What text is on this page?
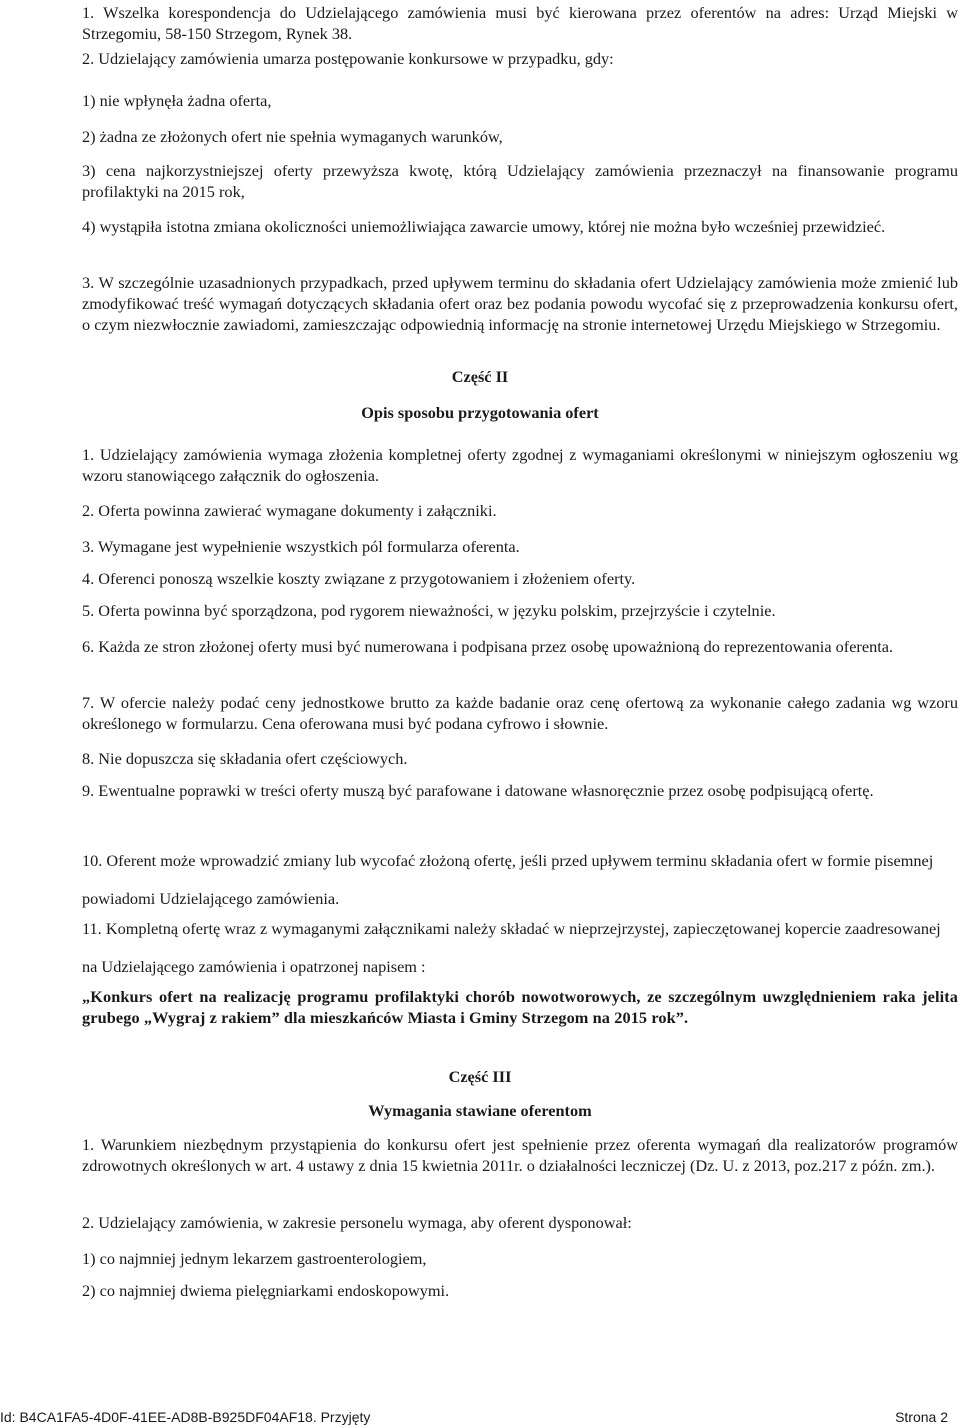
1. Wszelka korespondencja do Udzielającego zamówienia musi być kierowana przez oferentów na adres: Urząd Miejski w Strzegomiu, 58-150 Strzegom, Rynek 38.

2. Udzielający zamówienia umarza postępowanie konkursowe w przypadku, gdy:

1) nie wpłynęła żadna oferta,

2) żadna ze złożonych ofert nie spełnia wymaganych warunków,

3) cena najkorzystniejszej oferty przewyższa kwotę, którą Udzielający zamówienia przeznaczył na finansowanie programu profilaktyki na 2015 rok,

4) wystąpiła istotna zmiana okoliczności uniemożliwiająca zawarcie umowy, której nie można było wcześniej przewidzieć.

3. W szczególnie uzasadnionych przypadkach, przed upływem terminu do składania ofert Udzielający zamówienia może zmienić lub zmodyfikować treść wymagań dotyczących składania ofert oraz bez podania powodu wycofać się z przeprowadzenia konkursu ofert, o czym niezwłocznie zawiadomi, zamieszczając odpowiednią informację na stronie internetowej Urzędu Miejskiego w Strzegomiu.

Część II

Opis sposobu przygotowania ofert

1. Udzielający zamówienia wymaga złożenia kompletnej oferty zgodnej z wymaganiami określonymi w niniejszym ogłoszeniu wg wzoru stanowiącego załącznik do ogłoszenia.

2. Oferta powinna zawierać wymagane dokumenty i załączniki.

3. Wymagane jest wypełnienie wszystkich pól formularza oferenta.

4. Oferenci ponoszą wszelkie koszty związane z przygotowaniem i złożeniem oferty.

5. Oferta powinna być sporządzona, pod rygorem nieważności, w języku polskim, przejrzyście i czytelnie.

6. Każda ze stron złożonej oferty musi być numerowana i podpisana przez osobę upoważnioną do reprezentowania oferenta.

7. W ofercie należy podać ceny jednostkowe brutto za każde badanie oraz cenę ofertową za wykonanie całego zadania wg wzoru określonego w formularzu. Cena oferowana musi być podana cyfrowo i słownie.

8. Nie dopuszcza się składania ofert częściowych.

9. Ewentualne poprawki w treści oferty muszą być parafowane i datowane własnoręcznie przez osobę podpisującą ofertę.

10. Oferent może wprowadzić zmiany lub wycofać złożoną ofertę, jeśli przed upływem terminu składania ofert w formie pisemnej powiadomi Udzielającego zamówienia.

11. Kompletną ofertę wraz z wymaganymi załącznikami należy składać w nieprzejrzystej, zapieczętowanej kopercie zaadresowanej na Udzielającego zamówienia i opatrzonej napisem :

„Konkurs ofert na realizację programu profilaktyki chorób nowotworowych, ze szczególnym uwzględnieniem raka jelita grubego „Wygraj z rakiem” dla mieszkańców Miasta i Gminy Strzegom na 2015 rok”.

Część III

Wymagania stawiane oferentom

1. Warunkiem niezbędnym przystąpienia do konkursu ofert jest spełnienie przez oferenta wymagań dla realizatorów programów zdrowotnych określonych w art. 4 ustawy z dnia 15 kwietnia 2011r. o działalności leczniczej (Dz. U. z 2013, poz.217 z późn. zm.).

2. Udzielający zamówienia, w zakresie personelu wymaga, aby oferent dysponował:

1) co najmniej jednym lekarzem gastroenterologiem,

2) co najmniej dwiema pielęgniarkami endoskopowymi.

Id: B4CA1FA5-4D0F-41EE-AD8B-B925DF04AF18. Przyjęty	Strona 2
